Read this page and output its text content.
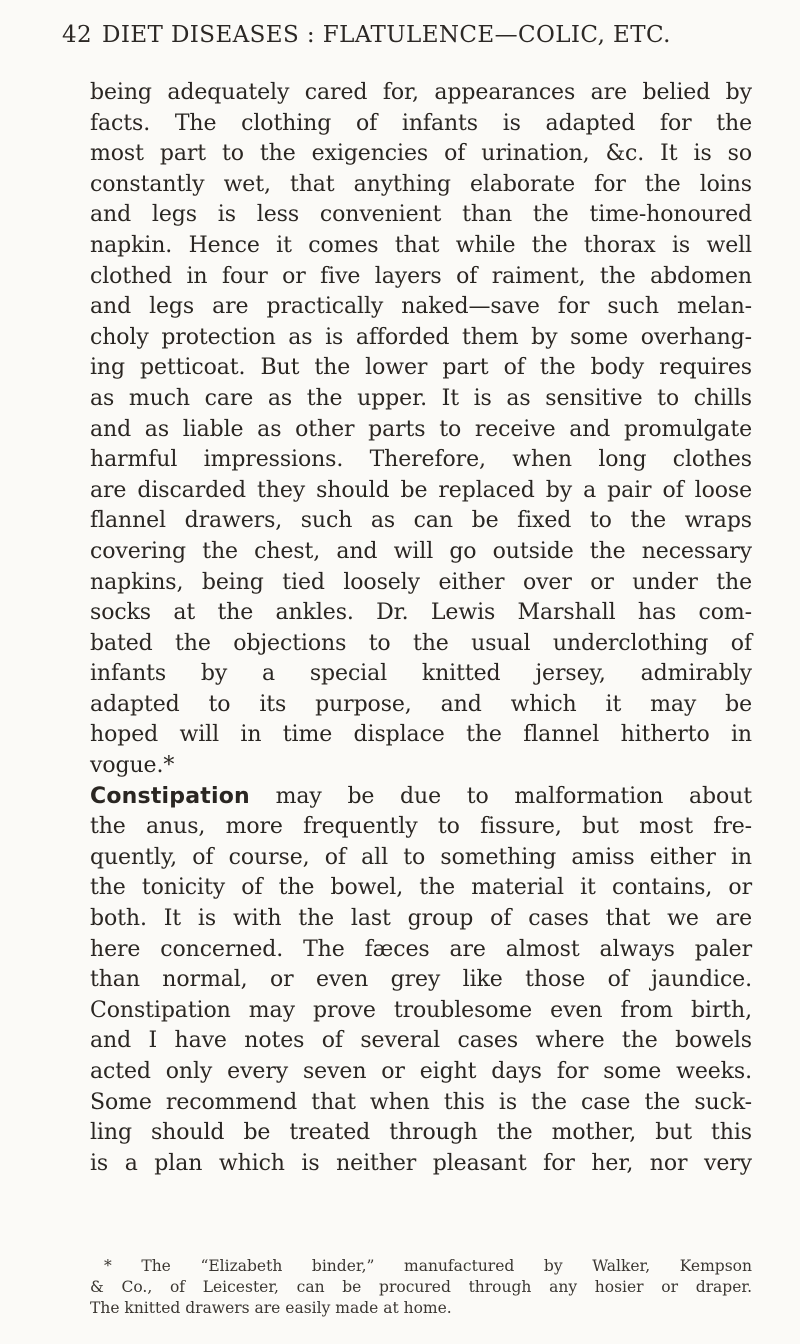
42 DIET DISEASES : FLATULENCE—COLIC, ETC.
being adequately cared for, appearances are belied by
facts. The clothing of infants is adapted for the
most part to the exigencies of urination, &c. It is so
constantly wet, that anything elaborate for the loins
and legs is less convenient than the time-honoured
napkin. Hence it comes that while the thorax is well
clothed in four or five layers of raiment, the abdomen
and legs are practically naked—save for such melan-
choly protection as is afforded them by some overhang-
ing petticoat. But the lower part of the body requires
as much care as the upper. It is as sensitive to chills
and as liable as other parts to receive and promulgate
harmful impressions. Therefore, when long clothes
are discarded they should be replaced by a pair of loose
flannel drawers, such as can be fixed to the wraps
covering the chest, and will go outside the necessary
napkins, being tied loosely either over or under the
socks at the ankles. Dr. Lewis Marshall has com-
bated the objections to the usual underclothing of
infants by a special knitted jersey, admirably
adapted to its purpose, and which it may be
hoped will in time displace the flannel hitherto in
vogue.*
Constipation may be due to malformation about
the anus, more frequently to fissure, but most fre-
quently, of course, of all to something amiss either in
the tonicity of the bowel, the material it contains, or
both. It is with the last group of cases that we are
here concerned. The fæces are almost always paler
than normal, or even grey like those of jaundice.
Constipation may prove troublesome even from birth,
and I have notes of several cases where the bowels
acted only every seven or eight days for some weeks.
Some recommend that when this is the case the suck-
ling should be treated through the mother, but this
is a plan which is neither pleasant for her, nor very
* The “Elizabeth binder,” manufactured by Walker, Kempson
& Co., of Leicester, can be procured through any hosier or draper.
The knitted drawers are easily made at home.
